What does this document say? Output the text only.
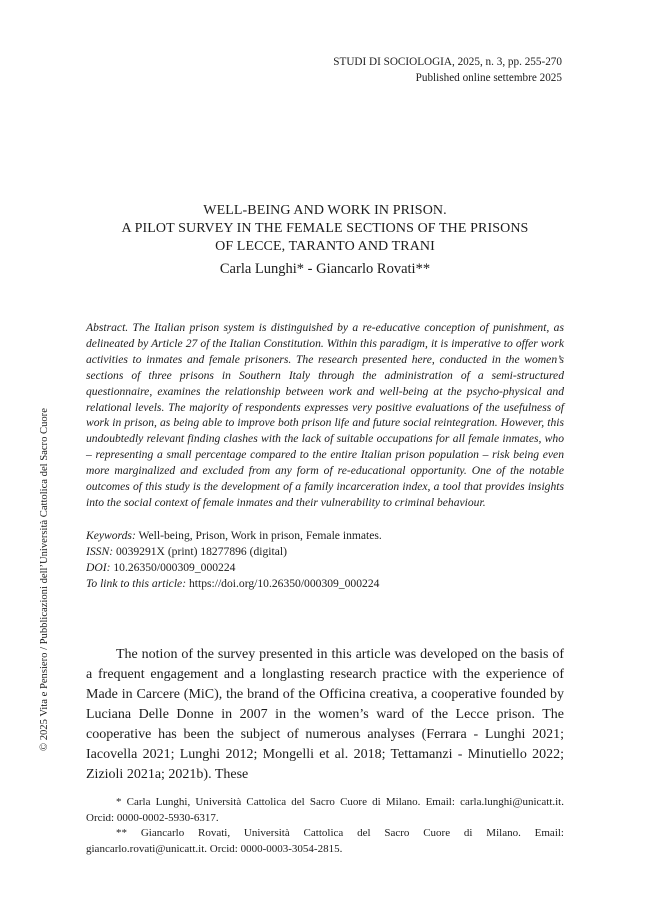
STUDI DI SOCIOLOGIA, 2025, n. 3, pp. 255-270
Published online settembre 2025
WELL-BEING AND WORK IN PRISON.
A PILOT SURVEY IN THE FEMALE SECTIONS OF THE PRISONS
OF LECCE, TARANTO AND TRANI
Carla Lunghi* - Giancarlo Rovati**
Abstract. The Italian prison system is distinguished by a re-educative conception of punishment, as delineated by Article 27 of the Italian Constitution. Within this paradigm, it is imperative to offer work activities to inmates and female prisoners. The research presented here, conducted in the women’s sections of three prisons in Southern Italy through the administration of a semi-structured questionnaire, examines the relationship between work and well-being at the psycho-physical and relational levels. The majority of respondents expresses very positive evaluations of the usefulness of work in prison, as being able to improve both prison life and future social reintegration. However, this undoubtedly relevant finding clashes with the lack of suitable occupations for all female inmates, who – representing a small percentage compared to the entire Italian prison population – risk being even more marginalized and excluded from any form of re-educational opportunity. One of the notable outcomes of this study is the development of a family incarceration index, a tool that provides insights into the social context of female inmates and their vulnerability to criminal behaviour.
Keywords: Well-being, Prison, Work in prison, Female inmates.
ISSN: 0039291X (print) 18277896 (digital)
DOI: 10.26350/000309_000224
To link to this article: https://doi.org/10.26350/000309_000224
The notion of the survey presented in this article was developed on the basis of a frequent engagement and a longlasting research practice with the experience of Made in Carcere (MiC), the brand of the Officina creativa, a cooperative founded by Luciana Delle Donne in 2007 in the women’s ward of the Lecce prison. The cooperative has been the subject of numerous analyses (Ferrara - Lunghi 2021; Iacovella 2021; Lunghi 2012; Mongelli et al. 2018; Tettamanzi - Minutiello 2022; Zizioli 2021a; 2021b). These

* Carla Lunghi, Università Cattolica del Sacro Cuore di Milano. Email: carla.lunghi@unicatt.it. Orcid: 0000-0002-5930-6317.

** Giancarlo Rovati, Università Cattolica del Sacro Cuore di Milano. Email: giancarlo.rovati@unicatt.it. Orcid: 0000-0003-3054-2815.

© 2025 Vita e Pensiero / Pubblicazioni dell’Università Cattolica del Sacro Cuore
